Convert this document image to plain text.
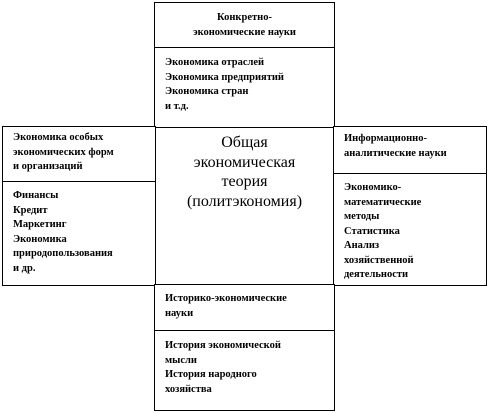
Конкретно-
экономические науки
Экономика отраслей
Экономика предприятий
Экономика стран
и т.д.
Экономика особых
экономических форм
и организаций
Финансы
Кредит
Маркетинг
Экономика
природопользования
и др.
Информационно-
аналитические науки
Экономико-
математические
методы
Статистика
Анализ
хозяйственной
деятельности
Общая
экономическая
теория
(политэкономия)
Историко-экономические
науки
История экономической
мысли
История народного
хозяйства
